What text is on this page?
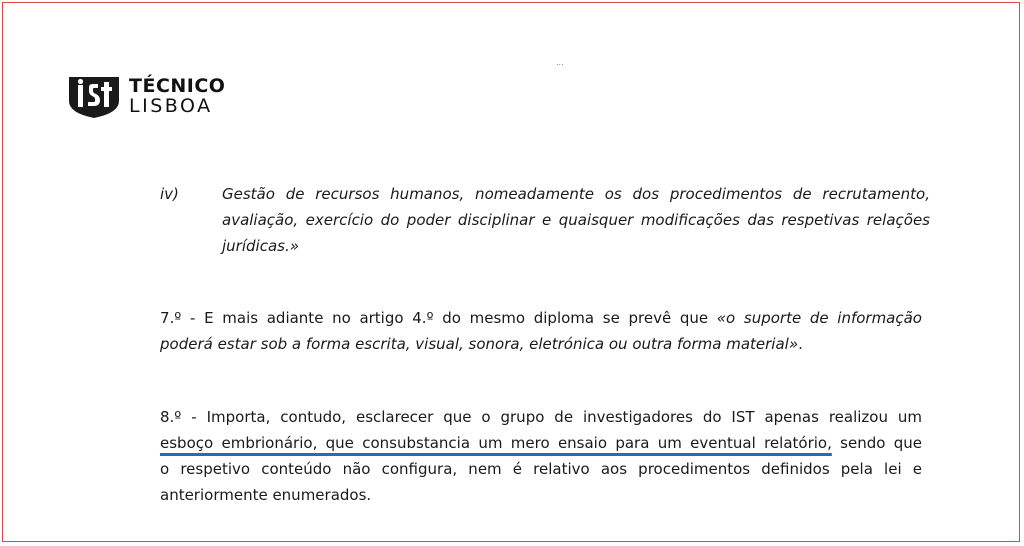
TÉCNICO
LISBOA
...
iv)	Gestão de recursos humanos, nomeadamente os dos procedimentos de recrutamento, avaliação, exercício do poder disciplinar e quaisquer modificações das respetivas relações jurídicas.»
7.º - E mais adiante no artigo 4.º do mesmo diploma se prevê que «o suporte de informação
poderá estar sob a forma escrita, visual, sonora, eletrónica ou outra forma material».
8.º - Importa, contudo, esclarecer que o grupo de investigadores do IST apenas realizou um
esboço embrionário, que consubstancia um mero ensaio para um eventual relatório, sendo que
o respetivo conteúdo não configura, nem é relativo aos procedimentos definidos pela lei e
anteriormente enumerados.
